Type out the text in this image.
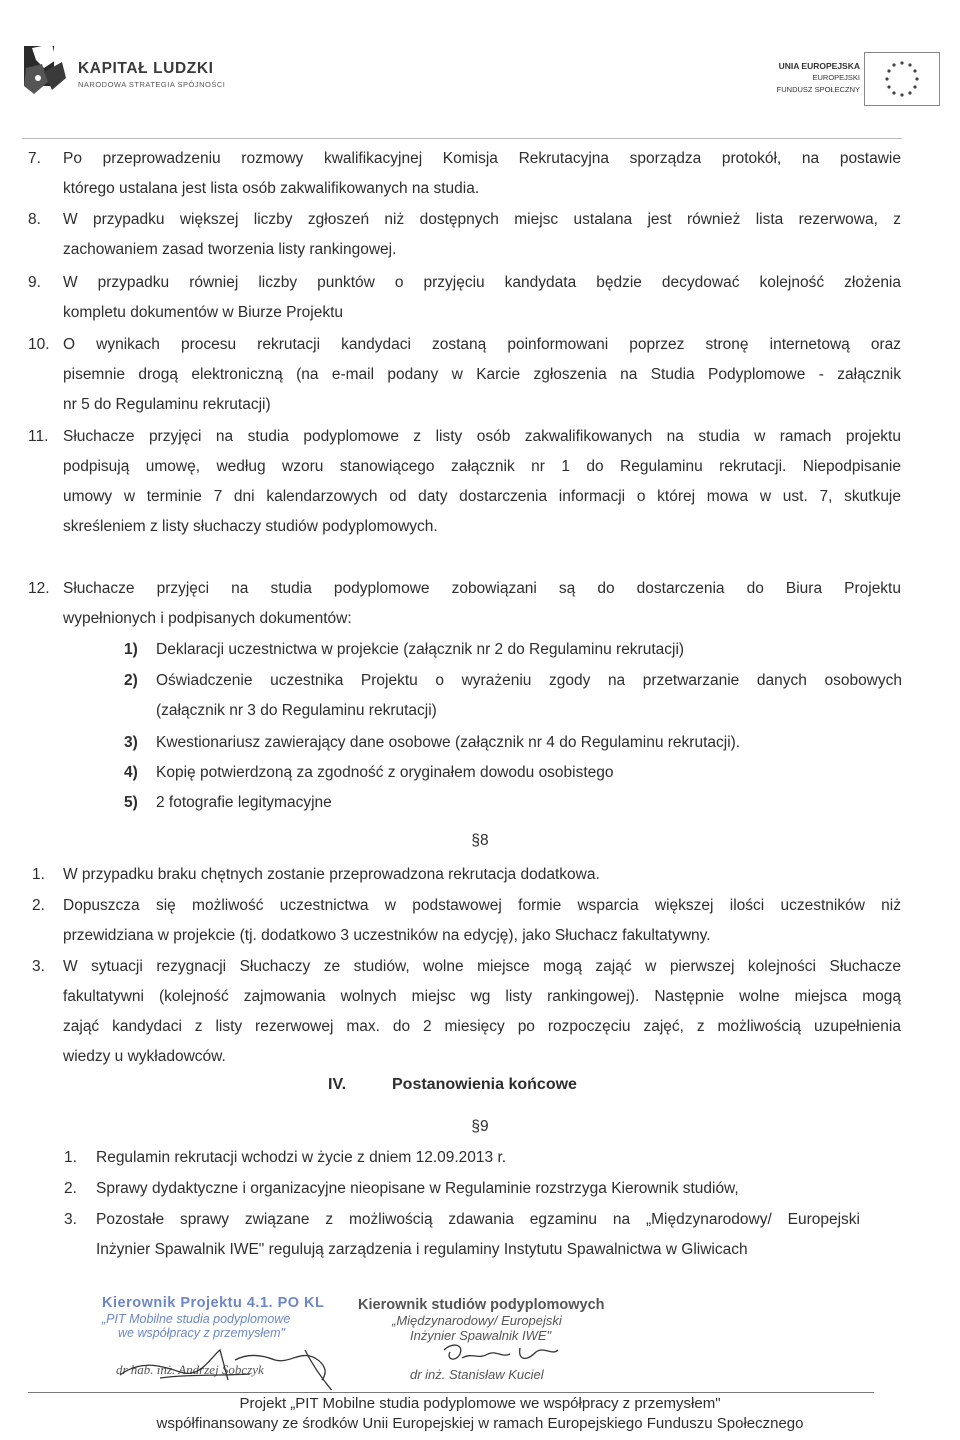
KAPITAŁ LUDZKI
NARODOWA STRATEGIA SPÓJNOŚCI
UNIA EUROPEJSKA
EUROPEJSKI
FUNDUSZ SPOŁECZNY
7. Po przeprowadzeniu rozmowy kwalifikacyjnej Komisja Rekrutacyjna sporządza protokół, na postawie
którego ustalana jest lista osób zakwalifikowanych na studia.
8. W przypadku większej liczby zgłoszeń niż dostępnych miejsc ustalana jest również lista rezerwowa, z
zachowaniem zasad tworzenia listy rankingowej.
9. W przypadku równiej liczby punktów o przyjęciu kandydata będzie decydować kolejność złożenia
kompletu dokumentów w Biurze Projektu
10. O wynikach procesu rekrutacji kandydaci zostaną poinformowani poprzez stronę internetową oraz
pisemnie drogą elektroniczną (na e-mail podany w Karcie zgłoszenia na Studia Podyplomowe - załącznik
nr 5 do Regulaminu rekrutacji)
11. Słuchacze przyjęci na studia podyplomowe z listy osób zakwalifikowanych na studia w ramach projektu
podpisują umowę, według wzoru stanowiącego załącznik nr 1 do Regulaminu rekrutacji. Niepodpisanie
umowy w terminie 7 dni kalendarzowych od daty dostarczenia informacji o której mowa w ust. 7, skutkuje
skreśleniem z listy słuchaczy studiów podyplomowych.
12. Słuchacze przyjęci na studia podyplomowe zobowiązani są do dostarczenia do Biura Projektu
wypełnionych i podpisanych dokumentów:
1) Deklaracji uczestnictwa w projekcie (załącznik nr 2 do Regulaminu rekrutacji)
2) Oświadczenie uczestnika Projektu o wyrażeniu zgody na przetwarzanie danych osobowych
(załącznik nr 3 do Regulaminu rekrutacji)
3) Kwestionariusz zawierający dane osobowe (załącznik nr 4 do Regulaminu rekrutacji).
4) Kopię potwierdzoną za zgodność z oryginałem dowodu osobistego
5) 2 fotografie legitymacyjne
§8
1. W przypadku braku chętnych zostanie przeprowadzona rekrutacja dodatkowa.
2. Dopuszcza się możliwość uczestnictwa w podstawowej formie wsparcia większej ilości uczestników niż
przewidziana w projekcie (tj. dodatkowo 3 uczestników na edycję), jako Słuchacz fakultatywny.
3. W sytuacji rezygnacji Słuchaczy ze studiów, wolne miejsce mogą zająć w pierwszej kolejności Słuchacze
fakultatywni (kolejność zajmowania wolnych miejsc wg listy rankingowej). Następnie wolne miejsca mogą
zająć kandydaci z listy rezerwowej max. do 2 miesięcy po rozpoczęciu zajęć, z możliwością uzupełnienia
wiedzy u wykładowców.
IV.	Postanowienia końcowe
§9
1. Regulamin rekrutacji wchodzi w życie z dniem 12.09.2013 r.
2. Sprawy dydaktyczne i organizacyjne nieopisane w Regulaminie rozstrzyga Kierownik studiów,
3. Pozostałe sprawy związane z możliwością zdawania egzaminu na „Międzynarodowy/ Europejski
Inżynier Spawalnik IWE" regulują zarządzenia i regulaminy Instytutu Spawalnictwa w Gliwicach
Kierownik Projektu 4.1. PO KL
„PIT Mobilne studia podyplomowe
we współpracy z przemysłem"
dr hab. inż. Andrzej Sobczyk
Kierownik studiów podyplomowych
„Międzynarodowy/ Europejski
Inżynier Spawalnik IWE"
dr inż. Stanisław Kuciel
Projekt „PIT Mobilne studia podyplomowe we współpracy z przemysłem"
współfinansowany ze środków Unii Europejskiej w ramach Europejskiego Funduszu Społecznego
